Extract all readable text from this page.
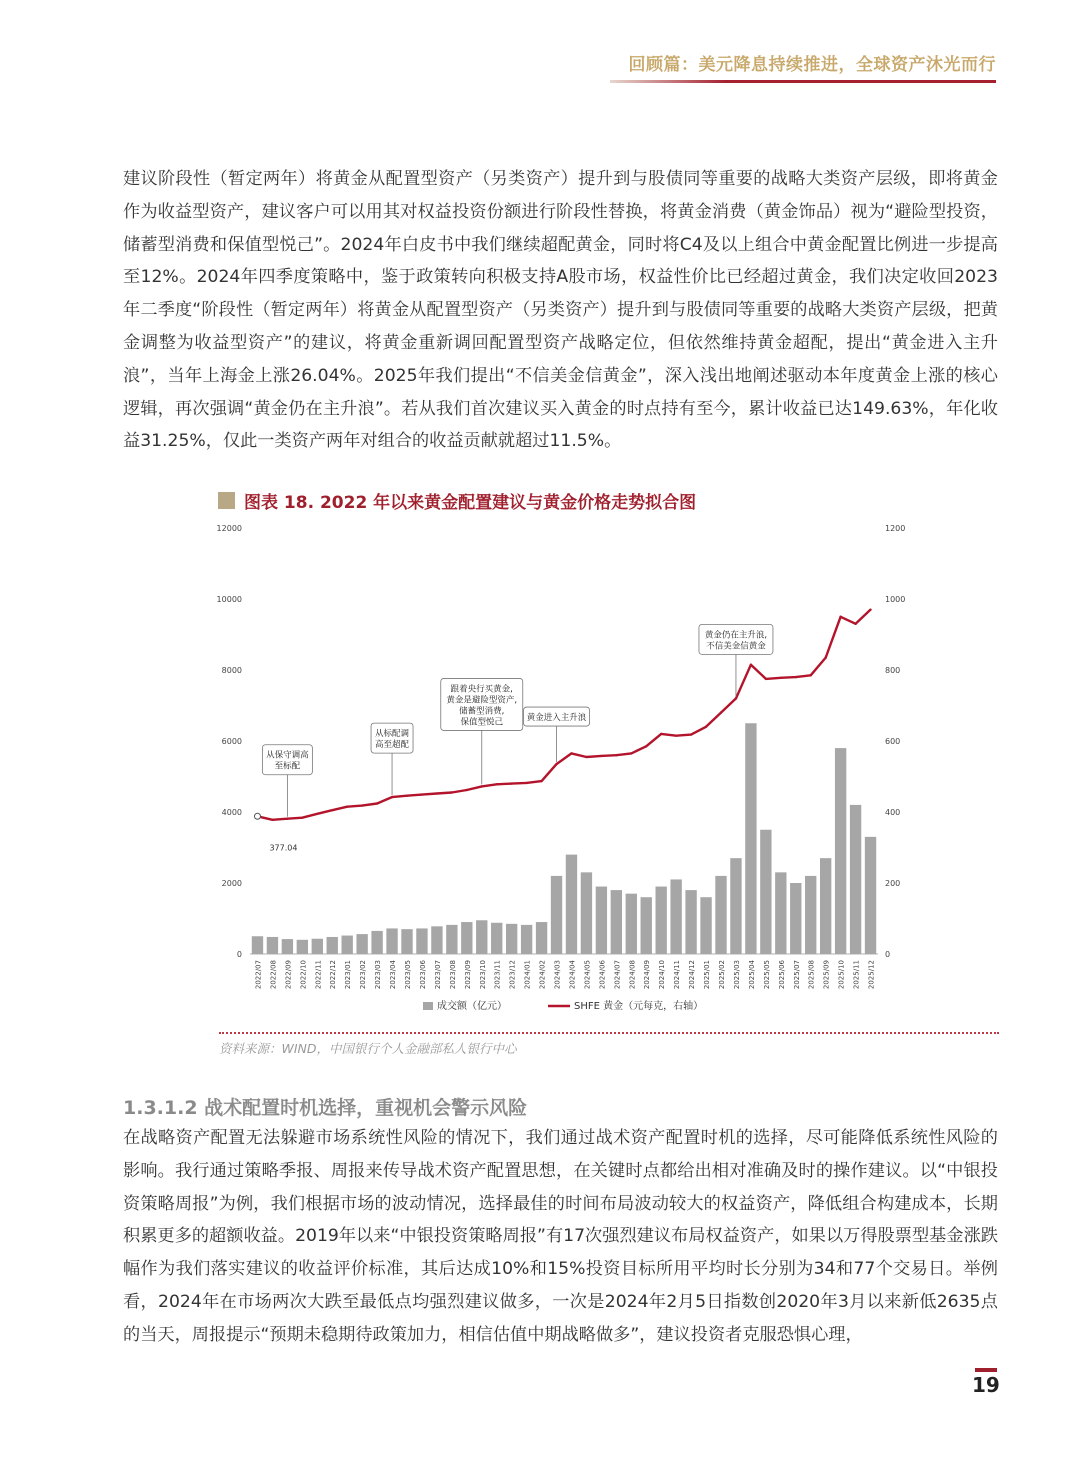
回顾篇：美元降息持续推进，全球资产沐光而行

建议阶段性（暂定两年）将黄金从配置型资产（另类资产）提升到与股债同等重要的战略大类资产层级，即将黄金作为收益型资产，建议客户可以用其对权益投资份额进行阶段性替换，将黄金消费（黄金饰品）视为“避险型投资，储蓄型消费和保值型悦己”。2024年白皮书中我们继续超配黄金，同时将C4及以上组合中黄金配置比例进一步提高至12%。2024年四季度策略中，鉴于政策转向积极支持A股市场，权益性价比已经超过黄金，我们决定收回2023年二季度“阶段性（暂定两年）将黄金从配置型资产（另类资产）提升到与股债同等重要的战略大类资产层级，把黄金调整为收益型资产”的建议，将黄金重新调回配置型资产战略定位，但依然维持黄金超配，提出“黄金进入主升浪”，当年上海金上涨26.04%。2025年我们提出“不信美金信黄金”，深入浅出地阐述驱动本年度黄金上涨的核心逻辑，再次强调“黄金仍在主升浪”。若从我们首次建议买入黄金的时点持有至今，累计收益已达149.63%，年化收益31.25%，仅此一类资产两年对组合的收益贡献就超过11.5%。

图表 18. 2022 年以来黄金配置建议与黄金价格走势拟合图
0
2000
4000
6000
8000
10000
12000
0
200
400
600
800
1000
1200
377.04
从保守调高至标配
从标配调高至超配
跟着央行买黄金,黄金是避险型资产,储蓄型消费,保值型悦己	黄金进入主升浪
黄金仍在主升浪,不信美金信黄金
2022/07 2022/08 2022/09 2022/10 2022/11 2022/12 2023/01 2023/02 2023/03 2023/04 2023/05 2023/06 2023/07 2023/08 2023/09 2023/10 2023/11 2023/12 2024/01 2024/02 2024/03 2024/04 2024/05 2024/06 2024/07 2024/08 2024/09 2024/10 2024/11 2024/12 2025/01 2025/02 2025/03 2025/04 2025/05 2025/06 2025/07 2025/08 2025/09 2025/10 2025/11 2025/12
成交额（亿元）	SHFE 黄金（元每克，右轴）
资料来源：WIND，中国银行个人金融部私人银行中心
1.3.1.2 战术配置时机选择，重视机会警示风险

在战略资产配置无法躲避市场系统性风险的情况下，我们通过战术资产配置时机的选择，尽可能降低系统性风险的影响。我行通过策略季报、周报来传导战术资产配置思想，在关键时点都给出相对准确及时的操作建议。以“中银投资策略周报”为例，我们根据市场的波动情况，选择最佳的时间布局波动较大的权益资产，降低组合构建成本，长期积累更多的超额收益。2019年以来“中银投资策略周报”有17次强烈建议布局权益资产，如果以万得股票型基金涨跌幅作为我们落实建议的收益评价标准，其后达成10%和15%投资目标所用平均时长分别为34和77个交易日。举例看，2024年在市场两次大跌至最低点均强烈建议做多，一次是2024年2月5日指数创2020年3月以来新低2635点的当天，周报提示“预期未稳期待政策加力，相信估值中期战略做多”，建议投资者克服恐惧心理，

19
